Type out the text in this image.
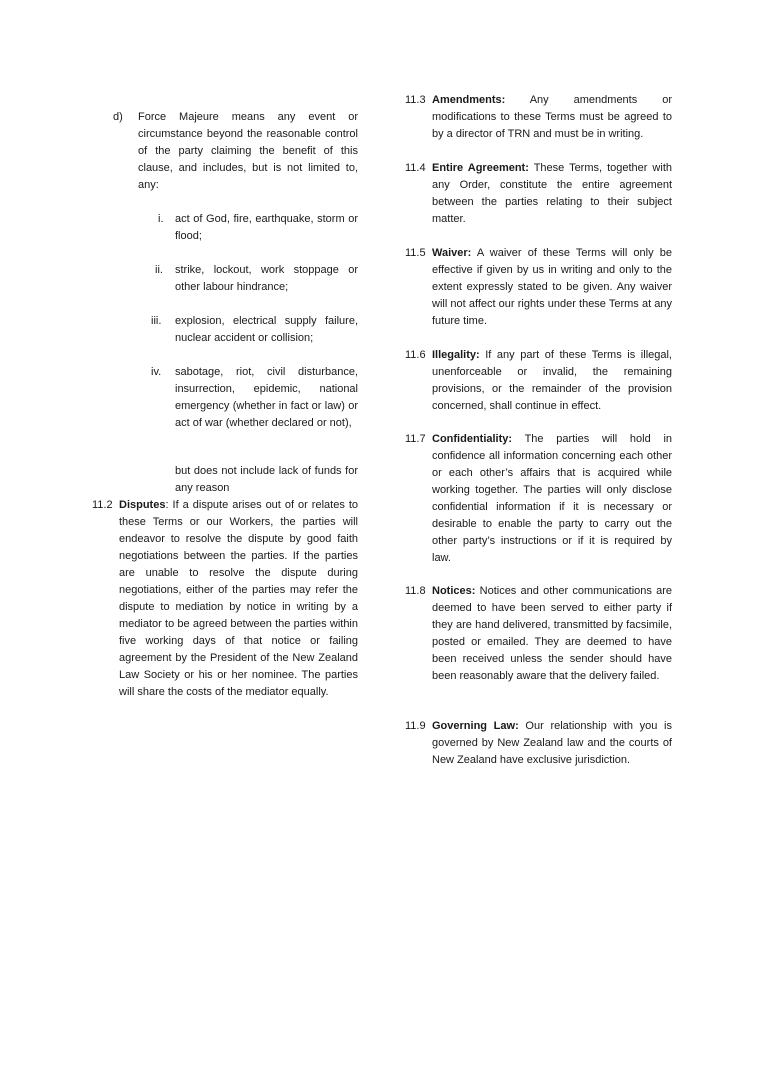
d) Force Majeure means any event or circumstance beyond the reasonable control of the party claiming the benefit of this clause, and includes, but is not limited to, any:

i. act of God, fire, earthquake, storm or flood;

ii. strike, lockout, work stoppage or other labour hindrance;

iii. explosion, electrical supply failure, nuclear accident or collision;

iv. sabotage, riot, civil disturbance, insurrection, epidemic, national emergency (whether in fact or law) or act of war (whether declared or not),

but does not include lack of funds for any reason

11.2 Disputes: If a dispute arises out of or relates to these Terms or our Workers, the parties will endeavor to resolve the dispute by good faith negotiations between the parties. If the parties are unable to resolve the dispute during negotiations, either of the parties may refer the dispute to mediation by notice in writing by a mediator to be agreed between the parties within five working days of that notice or failing agreement by the President of the New Zealand Law Society or his or her nominee. The parties will share the costs of the mediator equally.

11.3 Amendments: Any amendments or modifications to these Terms must be agreed to by a director of TRN and must be in writing.

11.4 Entire Agreement: These Terms, together with any Order, constitute the entire agreement between the parties relating to their subject matter.

11.5 Waiver: A waiver of these Terms will only be effective if given by us in writing and only to the extent expressly stated to be given. Any waiver will not affect our rights under these Terms at any future time.

11.6 Illegality: If any part of these Terms is illegal, unenforceable or invalid, the remaining provisions, or the remainder of the provision concerned, shall continue in effect.

11.7 Confidentiality: The parties will hold in confidence all information concerning each other or each other’s affairs that is acquired while working together. The parties will only disclose confidential information if it is necessary or desirable to enable the party to carry out the other party’s instructions or if it is required by law.

11.8 Notices: Notices and other communications are deemed to have been served to either party if they are hand delivered, transmitted by facsimile, posted or emailed. They are deemed to have been received unless the sender should have been reasonably aware that the delivery failed.

11.9 Governing Law: Our relationship with you is governed by New Zealand law and the courts of New Zealand have exclusive jurisdiction.
